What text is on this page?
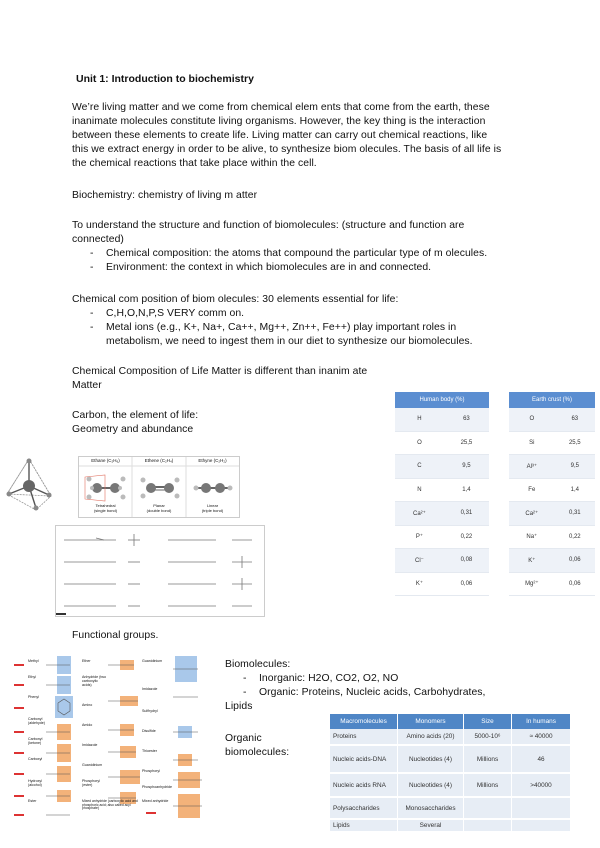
Unit 1: Introduction to biochemistry
We’re living matter and we come from chemical elem ents that come from the earth, these
inanimate molecules constitute living organisms. However, the key thing is the interaction
between these elements to create life. Living matter can carry out chemical reactions, like
this we extract energy in order to be alive, to synthesize biom olecules. The basis of all life is
the chemical reactions that take place within the cell.
Biochemistry: chemistry of living m atter
To understand the structure and function of biomolecules: (structure and function are
connected)
- Chemical composition: the atoms that compound the particular type of m olecules.
- Environment: the context in which biomolecules are in and connected.
Chemical com position of biom olecules: 30 elements essential for life:
- C,H,O,N,P,S VERY comm on.
- Metal ions (e.g., K+, Na+, Ca++, Mg++, Zn++, Fe++) play important roles in
metabolism, we need to ingest them in our diet to synthesize our biomolecules.
Chemical Composition of Life Matter is different than inanim ate
Matter
Carbon, the element of life:
Geometry and abundance
Human body (%)	
H	63
O	25,5
C	9,5
N	1,4
Ca²⁺	0,31
P⁺	0,22
Cl⁻	0,08
K⁺	0,06
Earth crust (%)	
O	63
Si	25,5
Al³⁺	9,5
Fe	1,4
Ca²⁺	0,31
Na⁺	0,22
K⁺	0,06
Mg²⁺	0,06
Ethane (C₂H₆)	Ethene (C₂H₄)	Ethyne (C₂H₂)
Tetrahedral
(single bond)
Planar
(double bond)
Linear
(triple bond)
Functional groups.
Methyl
Ethyl
Phenyl
Carbonyl (aldehyde)
Carbonyl (ketone)
Carboxyl
Hydroxyl (alcohol)
Ester
Ether
Anhydride (two carboxylic acids)
Amino
Amido
Imidazole
Guanidinium
Phosphoryl (ester)
Guanidinium
Imidazole
Sulfhydryl
Disulfide
Thioester
Phosphoryl
Phosphoanhydride
Mixed anhydride
Mixed anhydride (carboxylic acid and phosphoric acid; also called acyl phosphate)
Biomolecules:
- Inorganic: H2O, CO2, O2, NO
- Organic: Proteins, Nucleic acids, Carbohydrates,
Lipids
Organic
biomolecules:
Macromolecules	Monomers	Size	In humans
Proteins	Amino acids (20)	5000-10⁶	≈ 40000
Nucleic acids-DNA	Nucleotides (4)	Millions	46
Nucleic acids RNA	Nucleotides (4)	Millions	>40000
Polysaccharides	Monosaccharides		
Lipids	Several		
